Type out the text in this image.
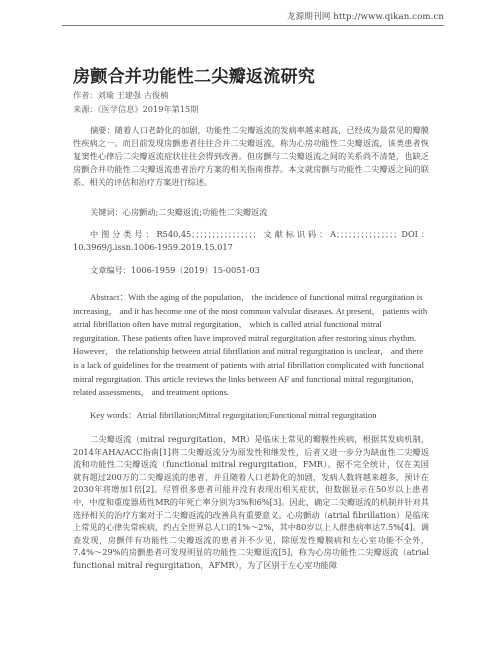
龙源期刊网 http://www.qikan.com.cn
房颤合并功能性二尖瓣返流研究
作者：刘瑜 王建强 古俊楠
来源：《医学信息》2019年第15期

摘要：随着人口老龄化的加剧，功能性二尖瓣返流的发病率越来越高，已经成为最常见的瓣膜性疾病之一。而目前发现房颤患者往往合并二尖瓣返流，称为心房功能性二尖瓣返流，该类患者恢复窦性心律后二尖瓣返流症状往往会得到改善。但房颤与二尖瓣返流之间的关系尚不清楚，也缺乏房颤合并功能性二尖瓣返流患者治疗方案的相关指南推荐。本文就房颤与功能性二尖瓣返之间的联系、相关的评估和治疗方案进行综述。

关键词：心房颤动;二尖瓣返流;功能性二尖瓣返流

中图分类号：R540.45；；；；；；；；；；；；；；；；文献标识码：A；；；；；；；；；；；；；；；DOI：10.3969/j.issn.1006-1959.2019.15.017

文章编号：1006-1959（2019）15-0051-03

Abstract：With the aging of the population， the incidence of functional mitral regurgitation is increasing， and it has become one of the most common valvular diseases. At present， patients with atrial fibrillation often have mitral regurgitation， which is called atrial functional mitral regurgitation. These patients often have improved mitral regurgitation after restoring sinus rhythm. However， the relationship between atrial fibrillation and mitral regurgitation is unclear， and there is a lack of guidelines for the treatment of patients with atrial fibrillation complicated with functional mitral regurgitation. This article reviews the links between AF and functional mitral regurgitation， related assessments， and treatment options.

Key words：Atrial fibrillation;Mitral regurgitation;Functional mitral regurgitation

二尖瓣返流（mitral regurgitation，MR）是临床上常见的瓣膜性疾病，根据其发病机制，2014年AHA/ACC指南[1]将二尖瓣返流分为原发性和继发性，后者又进一步分为缺血性二尖瓣返流和功能性二尖瓣返流（functional mitral regurgitation，FMR）。据不完全统计，仅在美国就有超过200万的二尖瓣返流的患者，并且随着人口老龄化的加剧，发病人数将越来越多，预计在2030年将增加1倍[2]。尽管很多患者可能并没有表现出相关症状，但数据显示在50岁以上患者中，中度和重度器质性MR的年死亡率分别为3%和6%[3]。因此，确定二尖瓣返流的机制并针对其选择相关的治疗方案对于二尖瓣返流的改善具有重要意义。心房颤动（atrial fibrillation）是临床上常见的心律失常疾病，约占全世界总人口的1%～2%，其中80岁以上人群患病率达7.5%[4]。调查发现，房颤伴有功能性二尖瓣返流的患者并不少见，除原发性瓣膜病和左心室功能不全外，7.4%～29%的房颤患者可发现明显的功能性二尖瓣返流[5]，称为心房功能性二尖瓣返流（atrial functional mitral regurgitation，AFMR），为了区别于左心室功能障
